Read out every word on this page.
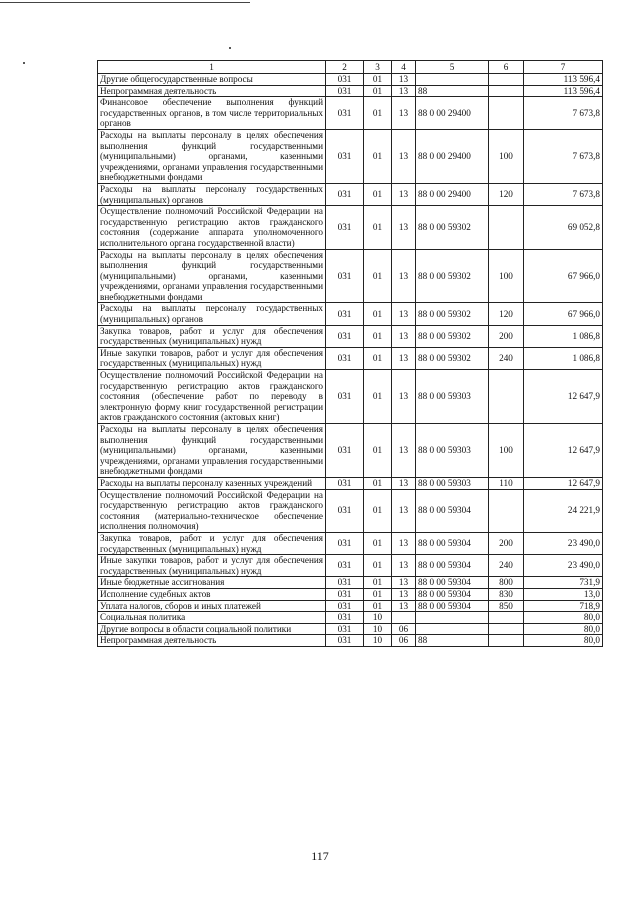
1	2	3	4	5	6	7
Другие общегосударственные вопросы	031	01	13			113 596,4
Непрограммная деятельность	031	01	13	88		113 596,4
Финансовое обеспечение выполнения функций государственных органов, в том числе территориальных органов	031	01	13	88 0 00 29400		7 673,8
Расходы на выплаты персоналу в целях обеспечения выполнения функций государственными (муниципальными) органами, казенными учреждениями, органами управления государственными внебюджетными фондами	031	01	13	88 0 00 29400	100	7 673,8
Расходы на выплаты персоналу государственных (муниципальных) органов	031	01	13	88 0 00 29400	120	7 673,8
Осуществление полномочий Российской Федерации на государственную регистрацию актов гражданского состояния (содержание аппарата уполномоченного исполнительного органа государственной власти)	031	01	13	88 0 00 59302		69 052,8
Расходы на выплаты персоналу в целях обеспечения выполнения функций государственными (муниципальными) органами, казенными учреждениями, органами управления государственными внебюджетными фондами	031	01	13	88 0 00 59302	100	67 966,0
Расходы на выплаты персоналу государственных (муниципальных) органов	031	01	13	88 0 00 59302	120	67 966,0
Закупка товаров, работ и услуг для обеспечения государственных (муниципальных) нужд	031	01	13	88 0 00 59302	200	1 086,8
Иные закупки товаров, работ и услуг для обеспечения государственных (муниципальных) нужд	031	01	13	88 0 00 59302	240	1 086,8
Осуществление полномочий Российской Федерации на государственную регистрацию актов гражданского состояния (обеспечение работ по переводу в электронную форму книг государственной регистрации актов гражданского состояния (актовых книг)	031	01	13	88 0 00 59303		12 647,9
Расходы на выплаты персоналу в целях обеспечения выполнения функций государственными (муниципальными) органами, казенными учреждениями, органами управления государственными внебюджетными фондами	031	01	13	88 0 00 59303	100	12 647,9
Расходы на выплаты персоналу казенных учреждений	031	01	13	88 0 00 59303	110	12 647,9
Осуществление полномочий Российской Федерации на государственную регистрацию актов гражданского состояния (материально-техническое обеспечение исполнения полномочия)	031	01	13	88 0 00 59304		24 221,9
Закупка товаров, работ и услуг для обеспечения государственных (муниципальных) нужд	031	01	13	88 0 00 59304	200	23 490,0
Иные закупки товаров, работ и услуг для обеспечения государственных (муниципальных) нужд	031	01	13	88 0 00 59304	240	23 490,0
Иные бюджетные ассигнования	031	01	13	88 0 00 59304	800	731,9
Исполнение судебных актов	031	01	13	88 0 00 59304	830	13,0
Уплата налогов, сборов и иных платежей	031	01	13	88 0 00 59304	850	718,9
Социальная политика	031	10				80,0
Другие вопросы в области социальной политики	031	10	06			80,0
Непрограммная деятельность	031	10	06	88		80,0
117
